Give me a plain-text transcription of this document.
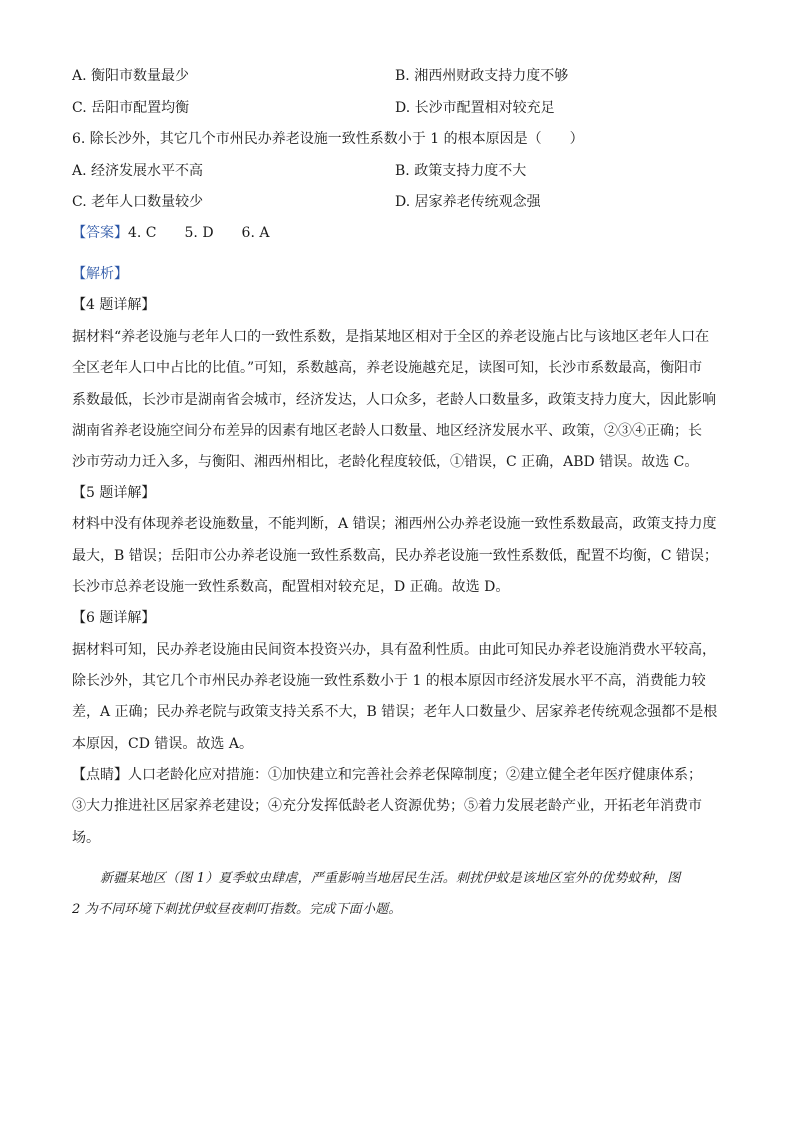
A. 衡阳市数量最少	B. 湘西州财政支持力度不够
C. 岳阳市配置均衡	D. 长沙市配置相对较充足
6. 除长沙外，其它几个市州民办养老设施一致性系数小于 1 的根本原因是（　　）
A. 经济发展水平不高	B. 政策支持力度不大
C. 老年人口数量较少	D. 居家养老传统观念强
【答案】4. C　　5. D　　6. A
【解析】
【4 题详解】
据材料“养老设施与老年人口的一致性系数，是指某地区相对于全区的养老设施占比与该地区老年人口在
全区老年人口中占比的比值。”可知，系数越高，养老设施越充足，读图可知，长沙市系数最高，衡阳市
系数最低，长沙市是湖南省会城市，经济发达，人口众多，老龄人口数量多，政策支持力度大，因此影响
湖南省养老设施空间分布差异的因素有地区老龄人口数量、地区经济发展水平、政策，②③④正确；长
沙市劳动力迁入多，与衡阳、湘西州相比，老龄化程度较低，①错误，C 正确，ABD 错误。故选 C。
【5 题详解】
材料中没有体现养老设施数量，不能判断，A 错误；湘西州公办养老设施一致性系数最高，政策支持力度
最大，B 错误；岳阳市公办养老设施一致性系数高，民办养老设施一致性系数低，配置不均衡，C 错误；
长沙市总养老设施一致性系数高，配置相对较充足，D 正确。故选 D。
【6 题详解】
据材料可知，民办养老设施由民间资本投资兴办，具有盈利性质。由此可知民办养老设施消费水平较高，
除长沙外，其它几个市州民办养老设施一致性系数小于 1 的根本原因市经济发展水平不高，消费能力较
差，A 正确；民办养老院与政策支持关系不大，B 错误；老年人口数量少、居家养老传统观念强都不是根
本原因，CD 错误。故选 A。
【点睛】人口老龄化应对措施：①加快建立和完善社会养老保障制度；②建立健全老年医疗健康体系；
③大力推进社区居家养老建设；④充分发挥低龄老人资源优势；⑤着力发展老龄产业，开拓老年消费市
场。
新疆某地区（图 1）夏季蚊虫肆虐，严重影响当地居民生活。刺扰伊蚊是该地区室外的优势蚊种，图
2 为不同环境下刺扰伊蚊昼夜刺叮指数。完成下面小题。
